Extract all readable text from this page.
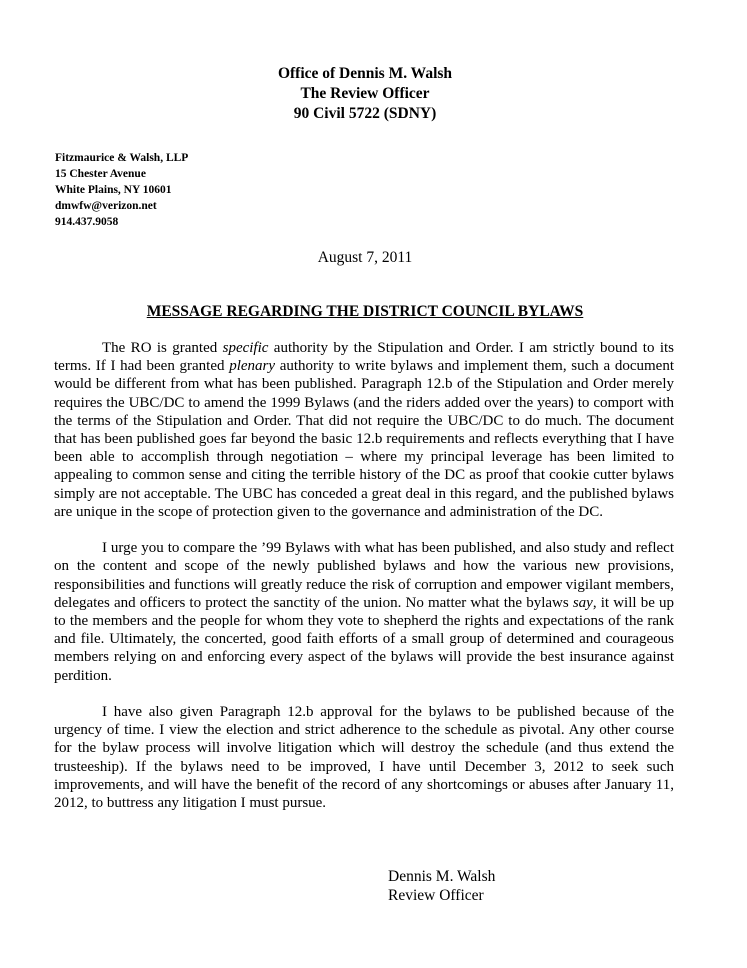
Office of Dennis M. Walsh
The Review Officer
90 Civil 5722 (SDNY)
Fitzmaurice & Walsh, LLP
15 Chester Avenue
White Plains, NY 10601
dmwfw@verizon.net
914.437.9058
August 7, 2011
MESSAGE REGARDING THE DISTRICT COUNCIL BYLAWS

The RO is granted specific authority by the Stipulation and Order. I am strictly bound to its terms. If I had been granted plenary authority to write bylaws and implement them, such a document would be different from what has been published. Paragraph 12.b of the Stipulation and Order merely requires the UBC/DC to amend the 1999 Bylaws (and the riders added over the years) to comport with the terms of the Stipulation and Order. That did not require the UBC/DC to do much. The document that has been published goes far beyond the basic 12.b requirements and reflects everything that I have been able to accomplish through negotiation – where my principal leverage has been limited to appealing to common sense and citing the terrible history of the DC as proof that cookie cutter bylaws simply are not acceptable. The UBC has conceded a great deal in this regard, and the published bylaws are unique in the scope of protection given to the governance and administration of the DC.

I urge you to compare the ’99 Bylaws with what has been published, and also study and reflect on the content and scope of the newly published bylaws and how the various new provisions, responsibilities and functions will greatly reduce the risk of corruption and empower vigilant members, delegates and officers to protect the sanctity of the union. No matter what the bylaws say, it will be up to the members and the people for whom they vote to shepherd the rights and expectations of the rank and file. Ultimately, the concerted, good faith efforts of a small group of determined and courageous members relying on and enforcing every aspect of the bylaws will provide the best insurance against perdition.

I have also given Paragraph 12.b approval for the bylaws to be published because of the urgency of time. I view the election and strict adherence to the schedule as pivotal. Any other course for the bylaw process will involve litigation which will destroy the schedule (and thus extend the trusteeship). If the bylaws need to be improved, I have until December 3, 2012 to seek such improvements, and will have the benefit of the record of any shortcomings or abuses after January 11, 2012, to buttress any litigation I must pursue.

Dennis M. Walsh
Review Officer
